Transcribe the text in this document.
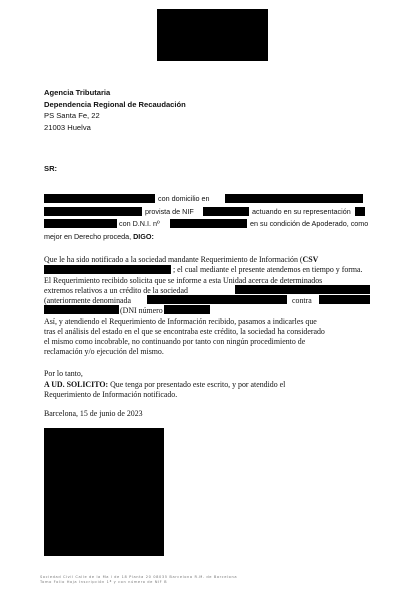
Agencia Tributaria
Dependencia Regional de Recaudación
PS Santa Fe, 22
21003 Huelva
SR:
con domicilio en
provista de NIF	actuando en su representación
con D.N.I. nº	en su condición de Apoderado, como
mejor en Derecho proceda, DIGO:
Que le ha sido notificado a la sociedad mandante Requerimiento de Información (CSV
; el cual mediante el presente atendemos en tiempo y forma.
El Requerimiento recibido solicita que se informe a esta Unidad acerca de determinados
extremos relativos a un crédito de la sociedad
(anteriormente denominada	contra
(DNI número
Así, y atendiendo el Requerimiento de Información recibido, pasamos a indicarles que
tras el análisis del estado en el que se encontraba este crédito, la sociedad ha considerado
el mismo como incobrable, no continuando por tanto con ningún procedimiento de
reclamación y/o ejecución del mismo.
Por lo tanto,
A UD. SOLICITO: Que tenga por presentado este escrito, y por atendido el
Requerimiento de Información notificado.
Barcelona, 15 de junio de 2023
Sociedad Civil Calle de la Ma l de 18 Planta 20 08035 Barcelona R.M. de Barcelona
Tomo Folio Hoja Inscripción 1ª y con número de NIF B
